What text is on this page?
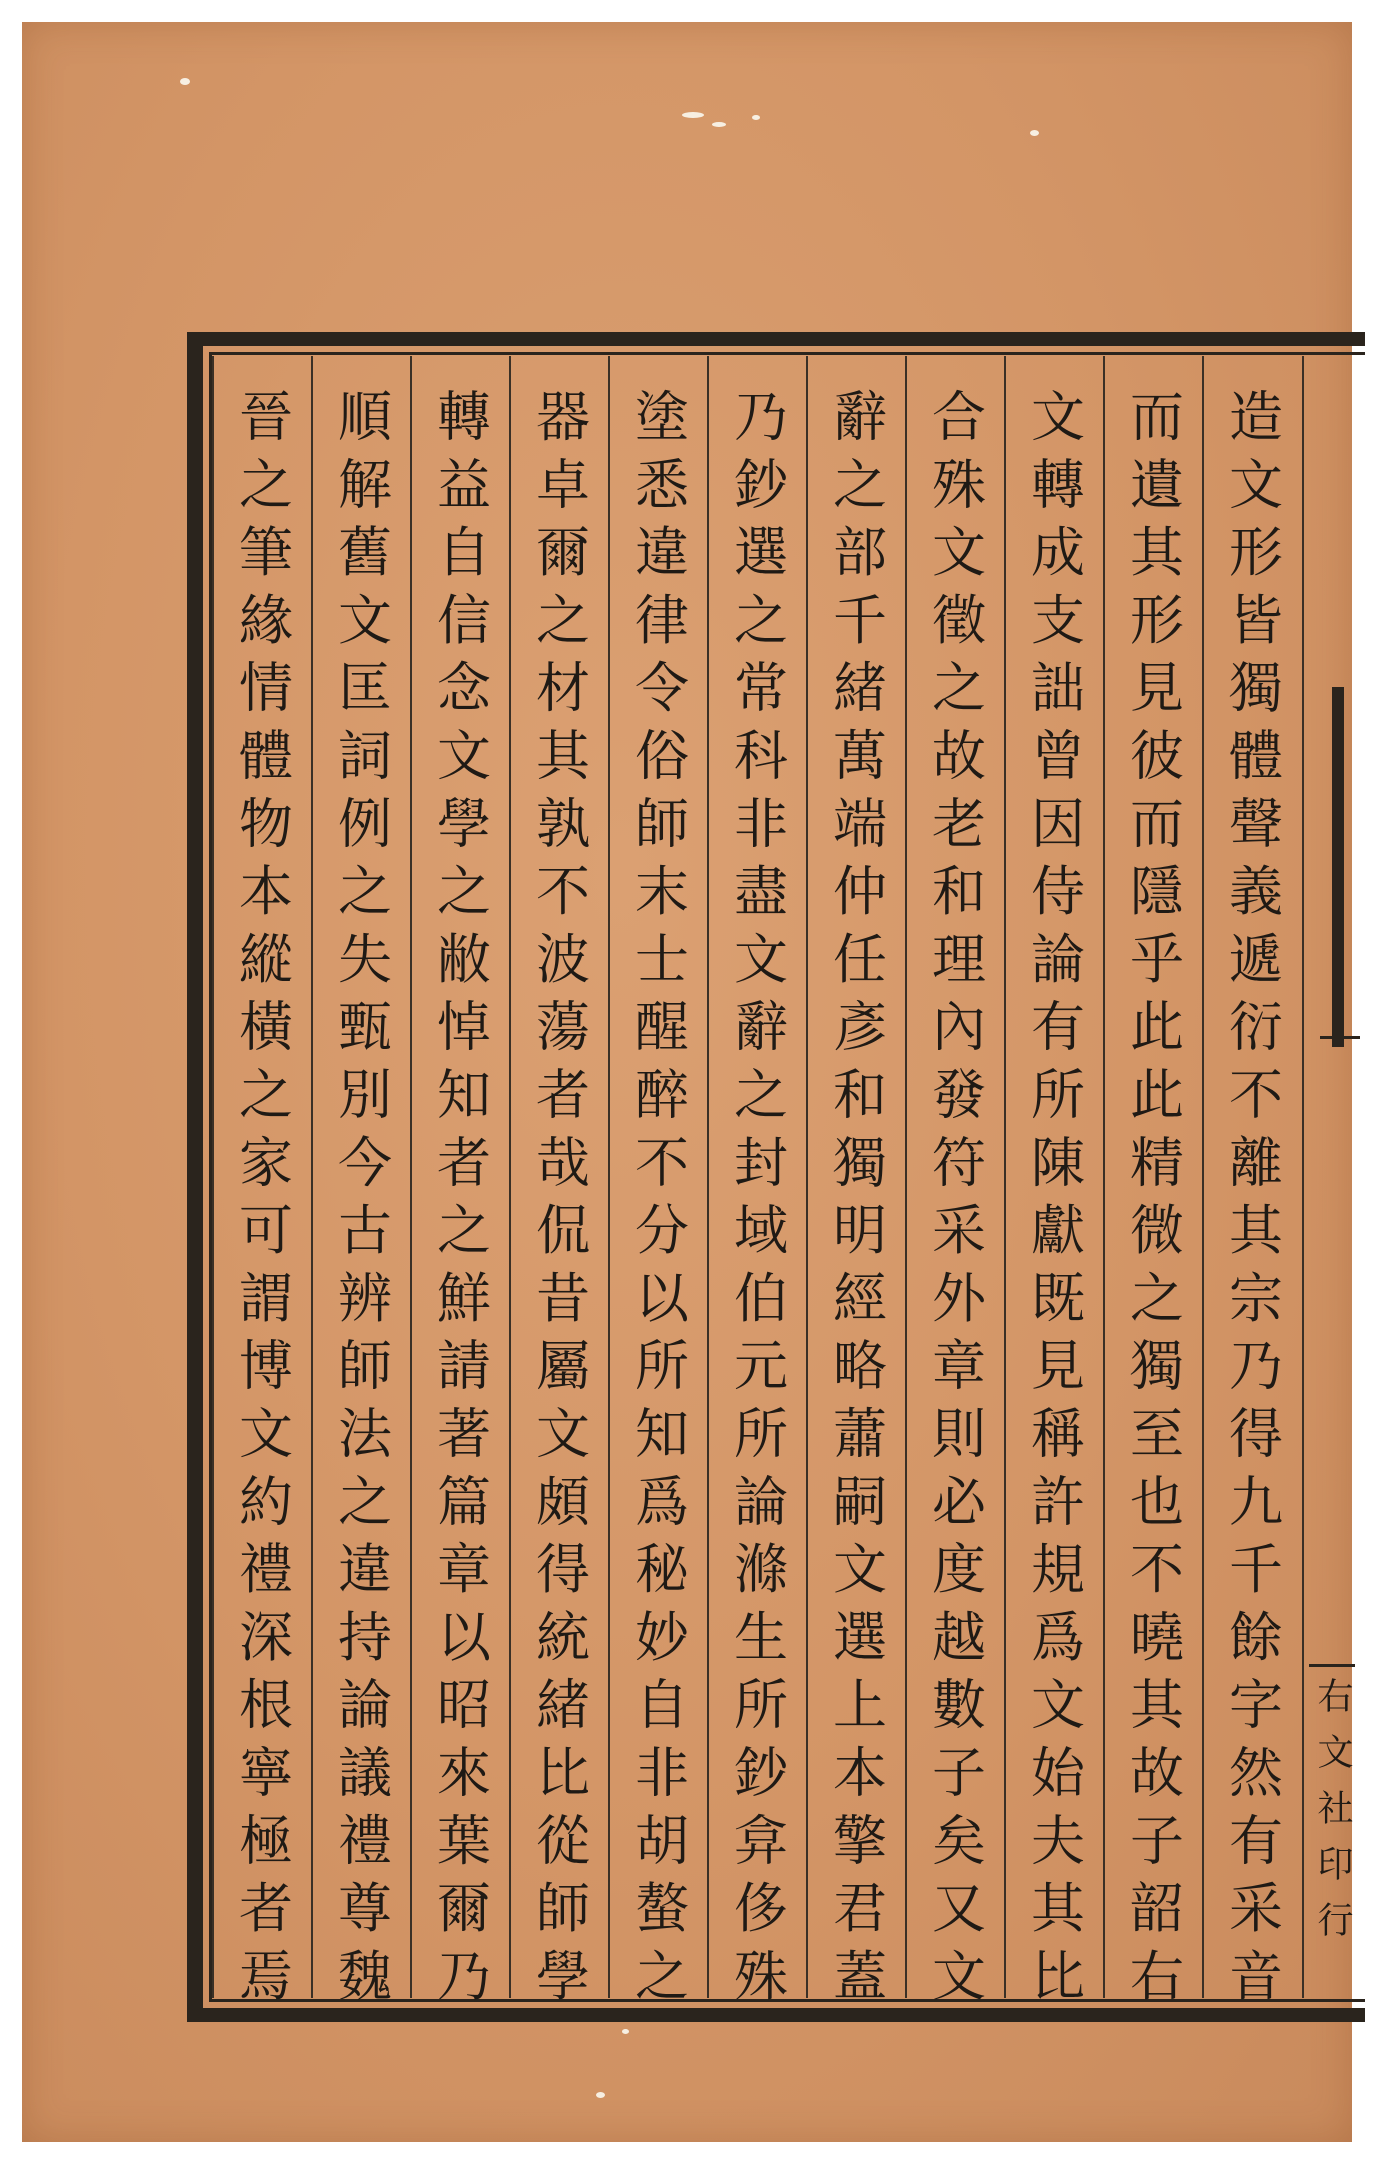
晉之筆緣情體物本縱橫之家可謂博文約禮深根寧極者焉 順解舊文匡詞例之失甄別今古辨師法之違持論議禮尊魏 轉益自信念文學之敝悼知者之鮮請著篇章以昭來葉爾乃 器卓爾之材其孰不波蕩者哉侃昔屬文頗得統緒比從師學 塗悉違律令俗師末士醒醉不分以所知爲秘妙自非胡螯之 乃鈔選之常科非盡文辭之封域伯元所論滌生所鈔弇侈殊 辭之部千緒萬端仲任彥和獨明經略蕭嗣文選上本擎君蓋 合殊文徵之故老和理內發符采外章則必度越數子矣又文 文轉成支詘曾因侍論有所陳獻既見稱許規爲文始夫其比 而遺其形見彼而隱乎此此精微之獨至也不曉其故子韶右 造文形皆獨體聲義遞衍不離其宗乃得九千餘字然有采音 右文社印行
